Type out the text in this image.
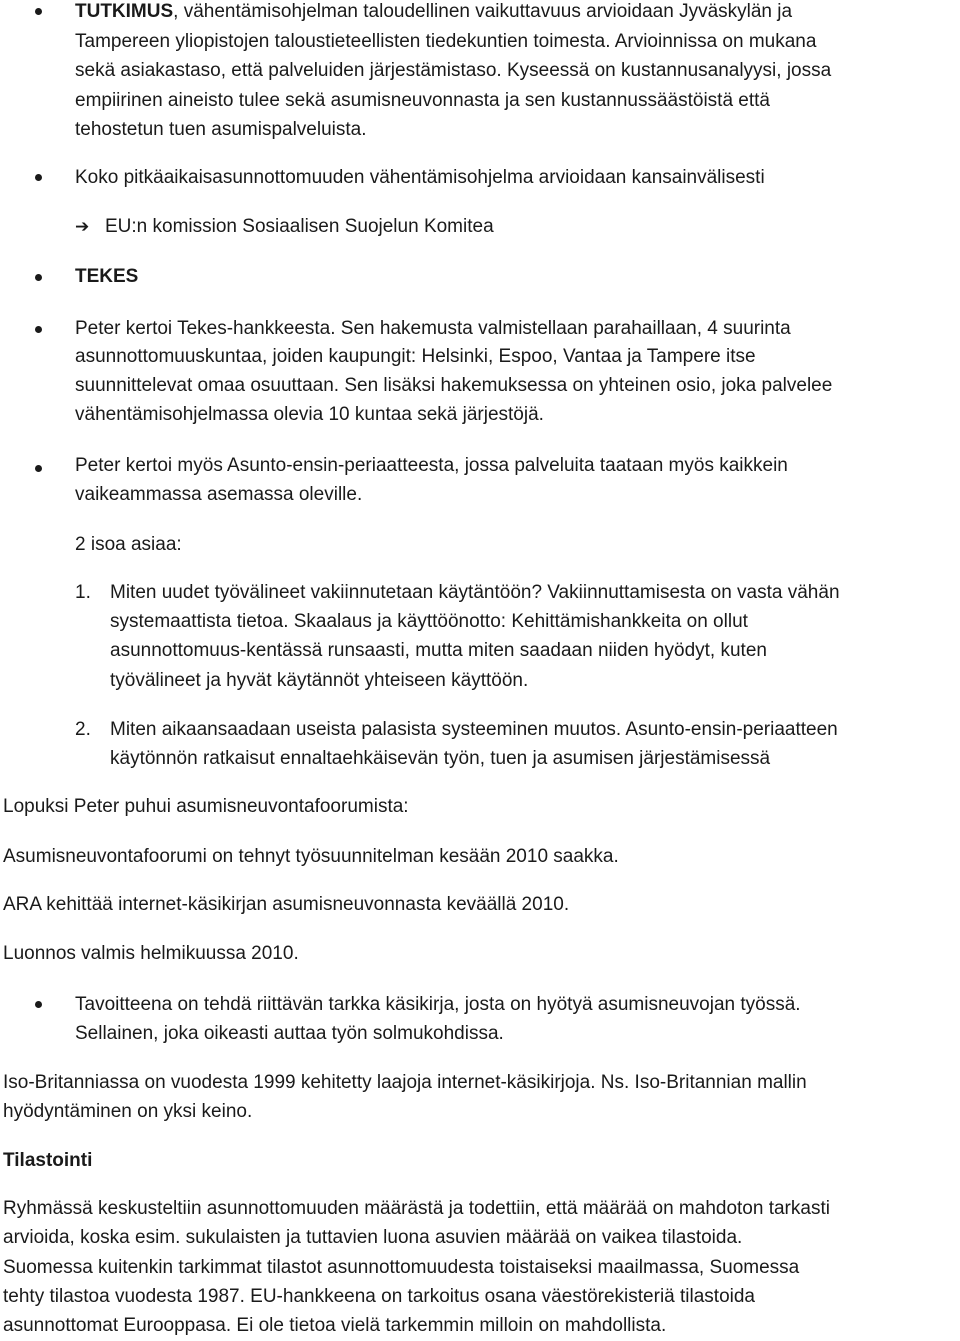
TUTKIMUS, vähentämisohjelman taloudellinen vaikuttavuus arvioidaan Jyväskylän ja
Tampereen yliopistojen taloustieteellisten tiedekuntien toimesta. Arvioinnissa on mukana
sekä asiakastaso, että palveluiden järjestämistaso. Kyseessä on kustannusanalyysi, jossa
empiirinen aineisto tulee sekä asumisneuvonnasta ja sen kustannussäästöistä että
tehostetun tuen asumispalveluista.
Koko pitkäaikaisasunnottomuuden vähentämisohjelma arvioidaan kansainvälisesti
➔ EU:n komission Sosiaalisen Suojelun Komitea
TEKES
Peter kertoi Tekes-hankkeesta. Sen hakemusta valmistellaan parahaillaan, 4 suurinta
asunnottomuuskuntaa, joiden kaupungit: Helsinki, Espoo, Vantaa ja Tampere itse
suunnittelevat omaa osuuttaan. Sen lisäksi hakemuksessa on yhteinen osio, joka palvelee
vähentämisohjelmassa olevia 10 kuntaa sekä järjestöjä.
Peter kertoi myös Asunto-ensin-periaatteesta, jossa palveluita taataan myös kaikkein
vaikeammassa asemassa oleville.
2 isoa asiaa:
1. Miten uudet työvälineet vakiinnutetaan käytäntöön? Vakiinnuttamisesta on vasta vähän
systemaattista tietoa. Skaalaus ja käyttöönotto: Kehittämishankkeita on ollut
asunnottomuus-kentässä runsaasti, mutta miten saadaan niiden hyödyt, kuten
työvälineet ja hyvät käytännöt yhteiseen käyttöön.
2. Miten aikaansaadaan useista palasista systeeminen muutos. Asunto-ensin-periaatteen
käytönnön ratkaisut ennaltaehkäisevän työn, tuen ja asumisen järjestämisessä
Lopuksi Peter puhui asumisneuvontafoorumista:
Asumisneuvontafoorumi on tehnyt työsuunnitelman kesään 2010 saakka.
ARA kehittää internet-käsikirjan asumisneuvonnasta keväällä 2010.
Luonnos valmis helmikuussa 2010.
Tavoitteena on tehdä riittävän tarkka käsikirja, josta on hyötyä asumisneuvojan työssä.
Sellainen, joka oikeasti auttaa työn solmukohdissa.
Iso-Britanniassa on vuodesta 1999 kehitetty laajoja internet-käsikirjoja. Ns. Iso-Britannian mallin
hyödyntäminen on yksi keino.
Tilastointi
Ryhmässä keskusteltiin asunnottomuuden määrästä ja todettiin, että määrää on mahdoton tarkasti
arvioida, koska esim. sukulaisten ja tuttavien luona asuvien määrää on vaikea tilastoida.
Suomessa kuitenkin tarkimmat tilastot asunnottomuudesta toistaiseksi maailmassa, Suomessa
tehty tilastoa vuodesta 1987. EU-hankkeena on tarkoitus osana väestörekisteriä tilastoida
asunnottomat Eurooppasa. Ei ole tietoa vielä tarkemmin milloin on mahdollista.
